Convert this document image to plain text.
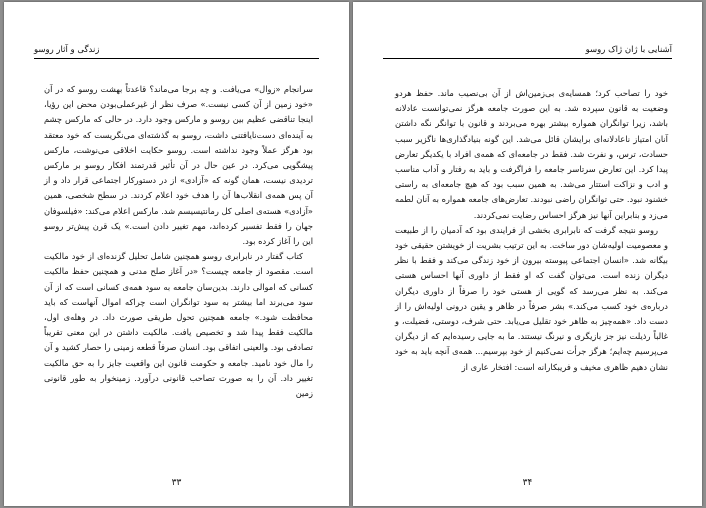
زندگی و آثار روسو

سرانجام «زوال» می‌یافت. و چه برجا می‌ماند؟ قاعدتاً بهشت روسو که در آن «خود زمین از آن کسی نیست.» صرف نظر از غیرعملی‌بودن محض این رؤیا، اینجا تناقضی عظیم بین روسو و مارکس وجود دارد. در حالی که مارکس چشم به آینده‌ای دست‌نایافتنی داشت، روسو به گذشته‌ای می‌نگریست که خود معتقد بود هرگز عملاً وجود نداشته است. روسو حکایت اخلاقی می‌نوشت، مارکس پیشگویی می‌کرد. در عین حال در آن تأثیر قدرتمند افکار روسو بر مارکس تردیدی نیست، همان گونه که «آزادی» از در دستورکار اجتماعی قرار داد و از آن پس همه‌ی انقلاب‌ها آن را هدف خود اعلام کردند. در سطح شخصی، همین «آزادی» هسته‌ی اصلی کل رمانتیسیسم شد. مارکس اعلام می‌کند: «فیلسوفان جهان را فقط تفسیر کرده‌اند، مهم تغییر دادن است.» یک قرن پیش‌تر روسو این را آغاز کرده بود.

کتاب گفتار در نابرابری روسو همچنین شامل تحلیل گزنده‌ای از خود مالکیت است. مقصود از جامعه چیست؟ «در آغاز صلح مدنی و همچنین حفظ مالکیت کسانی که اموالی دارند. بدین‌سان جامعه به سود همه‌ی کسانی است که از آن سود می‌برند اما بیشتر به سود توانگران است چراکه اموال آنهاست که باید محافظت شود.» جامعه همچنین تحول طریقی صورت داد. در وهله‌ی اول، مالکیت فقط پیدا شد و تخصیص یافت. مالکیت داشتن در این معنی تقریباً تصادفی بود. والعینی اتفاقی بود. انسان صرفاً قطعه زمینی را حصار کشید و آن را مال خود نامید. جامعه و حکومت قانون این واقعیت جایز را به حق مالکیت تغییر داد. آن را به صورت تصاحب قانونی درآورد. زمینخوار به طور قانونی زمین

۳۳
آشنایی با ژان ژاک روسو

خود را تصاحب کرد؛ همسایه‌ی بی‌زمین‌اش از آن بی‌نصیب ماند. حفظ هردو وضعیت به قانون سپرده شد. به این صورت جامعه هرگز نمی‌توانست عادلانه باشد، زیرا توانگران همواره بیشتر بهره می‌بردند و قانون با توانگر نگه داشتن آنان امتیاز ناعادلانه‌ای برایشان قائل می‌شد. این گونه بنیادگذاری‌ها ناگزیر سبب حسادت، ترس، و نفرت شد. فقط در جامعه‌ای که همه‌ی افراد با یکدیگر تعارض پیدا کرد. این تعارض سرتاسر جامعه را فراگرفت و باید به رفتار و آداب مناسب و ادب و نزاکت استتار می‌شد. به همین سبب بود که هیچ جامعه‌ای به راستی خشنود نبود. حتی توانگران راضی نبودند. تعارض‌های جامعه همواره به آنان لطمه می‌زد و بنابراین آنها نیز هرگز احساس رضایت نمی‌کردند.

روسو نتیجه گرفت که نابرابری بخشی از فرایندی بود که آدمیان را از طبیعت و معصومیت اولیه‌شان دور ساخت. به این ترتیب بشریت از خویشتن حقیقی خود بیگانه شد. «انسان اجتماعی پیوسته بیرون از خود زندگی می‌کند و فقط با نظر دیگران زنده است. می‌توان گفت که او فقط از داوری آنها احساس هستی می‌کند. به نظر می‌رسد که گویی از هستی خود را صرفاً از داوری دیگران درباره‌ی خود کسب می‌کند.» بشر صرفاً در ظاهر و یقین درونی اولیه‌اش را از دست داد. «همه‌چیز به ظاهر خود تقلیل می‌یابد. حتی شرف، دوستی، فضیلت، و غالباً رذیلت نیز جز بازیگری و نیرنگ نیستند. ما به جایی رسیده‌ایم که از دیگران می‌پرسیم چه‌ایم؛ هرگز جرأت نمی‌کنیم از خود بپرسیم... همه‌ی آنچه باید به خود نشان دهیم ظاهری مخیف و فریبکارانه است: افتخار عاری از

۳۴
